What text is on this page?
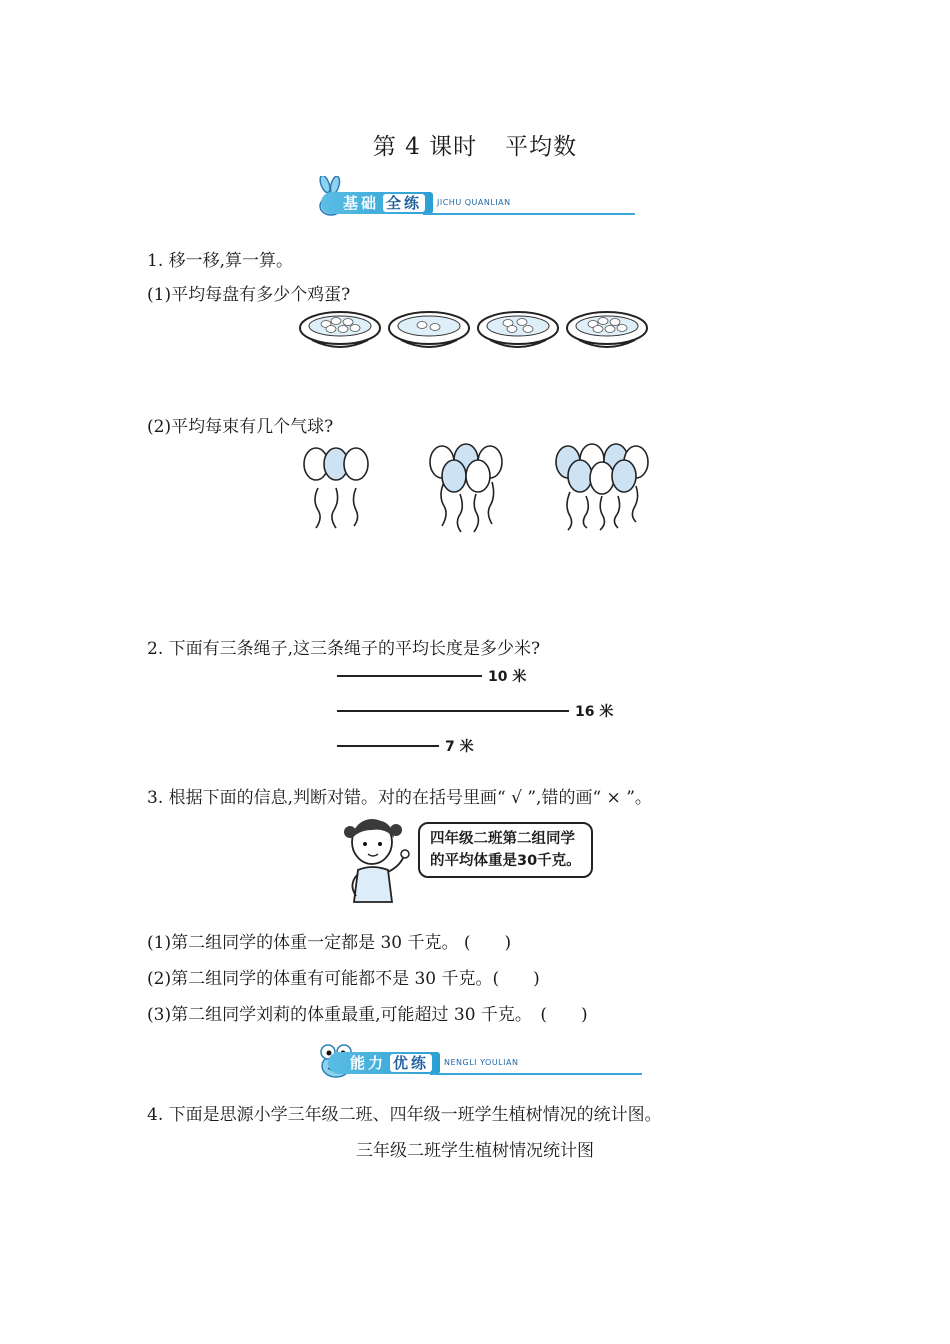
第 4 课时 平均数
基础 全练	JICHU QUANLIAN
1. 移一移,算一算。
(1)平均每盘有多少个鸡蛋?
(2)平均每束有几个气球?
2. 下面有三条绳子,这三条绳子的平均长度是多少米?
10 米
16 米
7 米
3. 根据下面的信息,判断对错。对的在括号里画“ √ ”,错的画“ × ”。
四年级二班第二组同学
的平均体重是30千克。
(1)第二组同学的体重一定都是 30 千克。 (　　)
(2)第二组同学的体重有可能都不是 30 千克。(　　)
(3)第二组同学刘莉的体重最重,可能超过 30 千克。　(　　)
能力 优练	NENGLI YOULIAN
4. 下面是思源小学三年级二班、四年级一班学生植树情况的统计图。
三年级二班学生植树情况统计图
